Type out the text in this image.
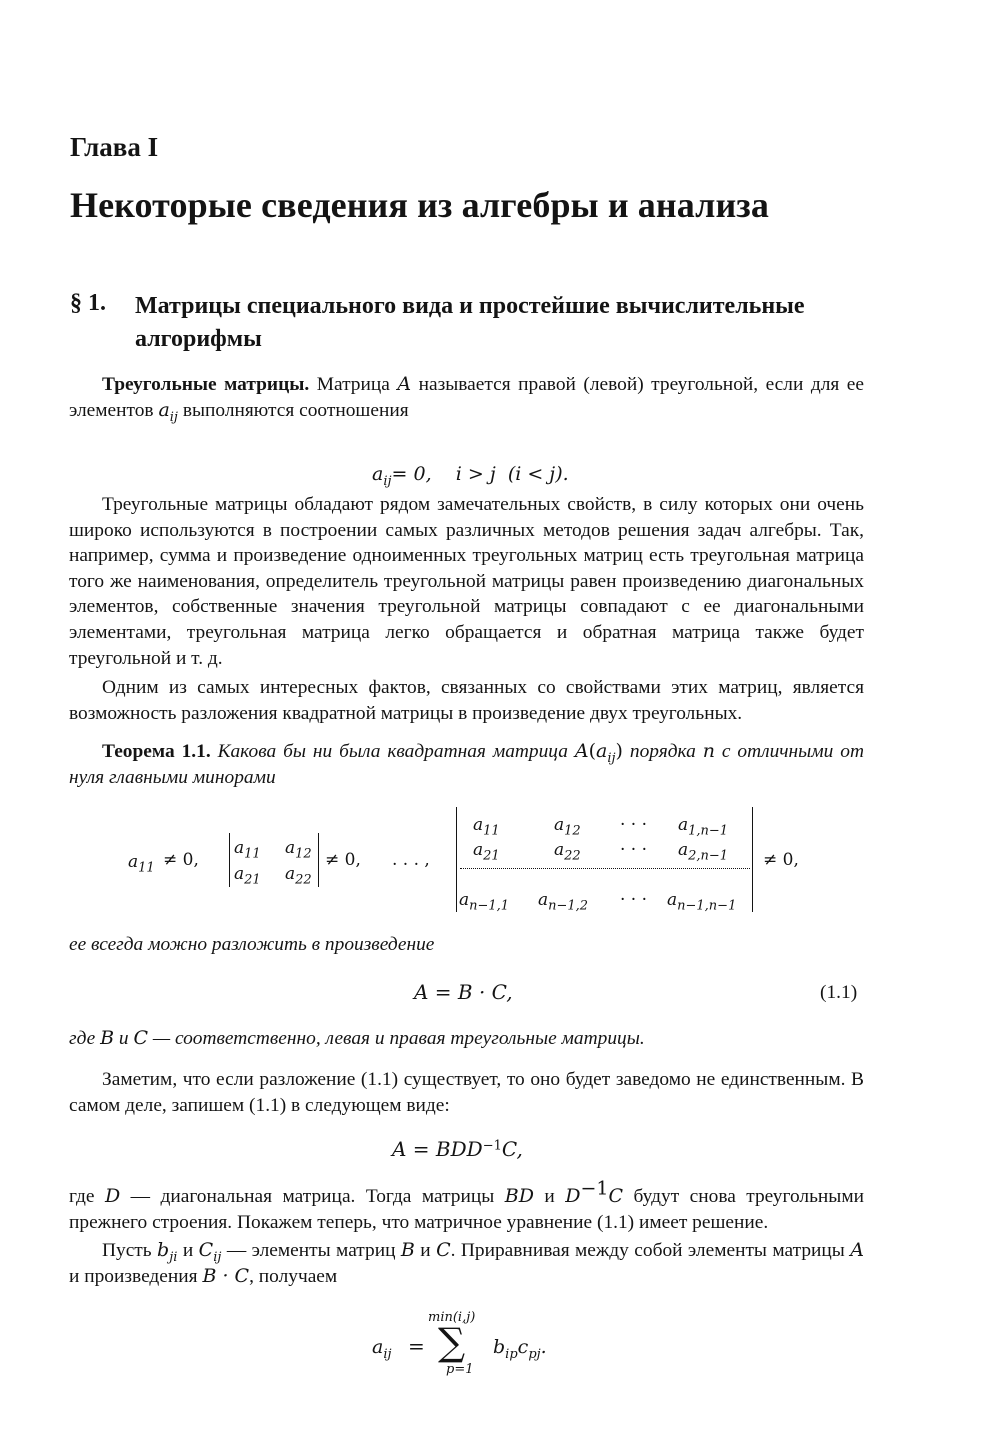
Глава I
Некоторые сведения из алгебры и анализа
§ 1. Матрицы специального вида и простейшие вычислительные алгорифмы

Треугольные матрицы. Матрица A называется правой (левой) треугольной, если для ее элементов $a_{ij}$ выполняются соотношения

$a_{ij}= 0$,    i > j  (i < j).

Треугольные матрицы обладают рядом замечательных свойств, в силу которых они очень широко используются в построении самых различных методов решения задач алгебры. Так, например, сумма и произведение одноименных треугольных матриц есть треугольная матрица того же наименования, определитель треугольной матрицы равен произведению диагональных элементов, собственные значения треугольной матрицы совпадают с ее диагональными элементами, треугольная матрица легко обращается и обратная матрица также будет треугольной и т. д.

Одним из самых интересных фактов, связанных со свойствами этих матриц, является возможность разложения квадратной матрицы в произведение двух треугольных.

Теорема 1.1. Какова бы ни была квадратная матрица $A(a_{ij})$ порядка n с отличными от нуля главными минорами

$a_{11} \ne 0$,
$a_{11}$ $a_{12}$
$a_{21}$ $a_{22}$
≠ 0, . . . ,
$a_{11}$	$a_{12}$ · · · $a_{1,n-1}$
$a_{21}$	$a_{22}$ · · · $a_{2,n-1}$
$a_{n-1,1}$ $a_{n-1,2}$ · · · $a_{n-1,n-1}$
≠ 0,
ее всегда можно разложить в произведение
A = B · C,	(1.1)

где B и C — соответственно, левая и правая треугольные матрицы.

Заметим, что если разложение (1.1) существует, то оно будет заведомо не единственным. В самом деле, запишем (1.1) в следующем виде:

$A = BDD^{-1}C$,

где D — диагональная матрица. Тогда матрицы BD и $D^{-1}C$ будут снова треугольными прежнего строения. Покажем теперь, что матричное уравнение (1.1) имеет решение.

Пусть $b_{ji}$ и $C_{ij}$ — элементы матриц B и C. Приравнивая между собой элементы матрицы A и произведения B · C, получаем

$a_{ij}$ =
min(i,j)
∑
p=1
$b_{ip}c_{pj}$.
